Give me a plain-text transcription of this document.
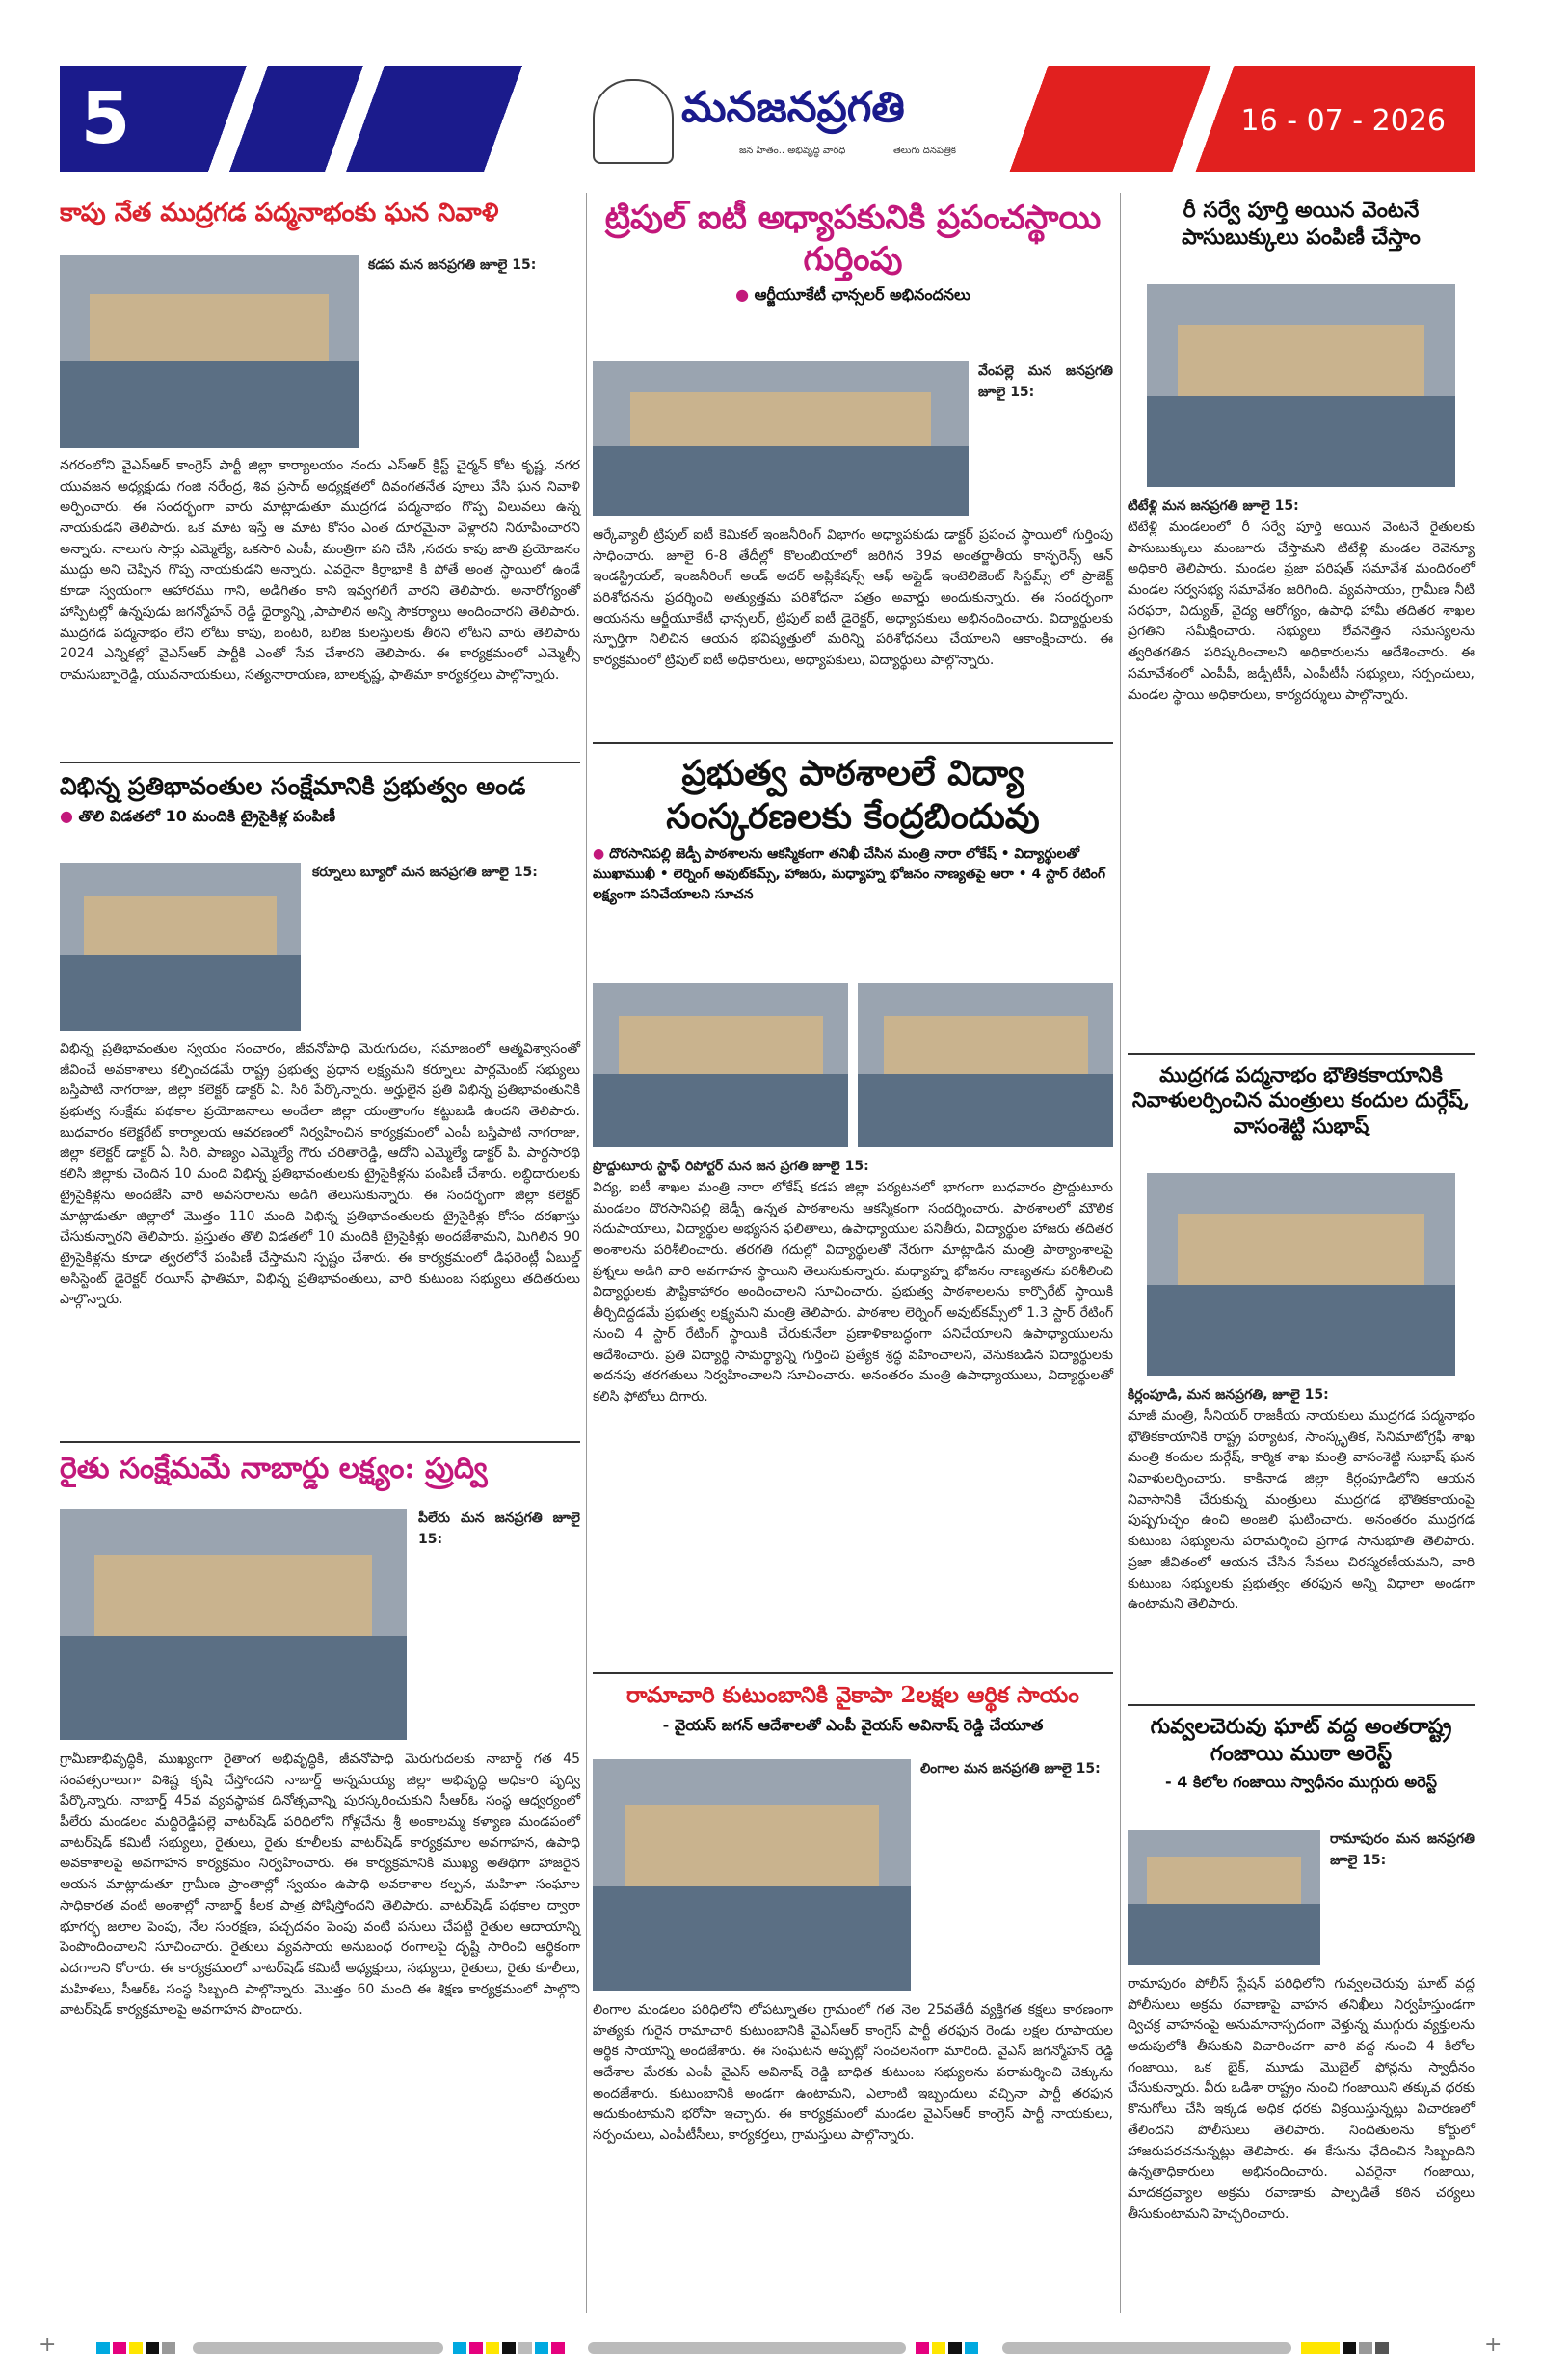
5	మనజనప్రగతి
జన హితం.. అభివృద్ధి వారధి	తెలుగు దినపత్రిక
16 - 07 - 2026
కాపు నేత ముద్రగడ పద్మనాభంకు ఘన నివాళి
కడప మన జనప్రగతి జూలై 15:
నగరంలోని వైఎస్ఆర్ కాంగ్రెస్ పార్టీ జిల్లా కార్యాలయం నందు ఎస్ఆర్ క్రిస్ట్ చైర్మన్ కోట కృష్ణ, నగర యువజన అధ్యక్షుడు గంజి నరేంద్ర, శివ ప్రసాద్ అధ్యక్షతలో దివంగతనేత పూలు వేసి ఘన నివాళి అర్పించారు. ఈ సందర్భంగా వారు మాట్లాడుతూ ముద్రగడ పద్మనాభం గొప్ప విలువలు ఉన్న నాయకుడని తెలిపారు. ఒక మాట ఇస్తే ఆ మాట కోసం ఎంత దూరమైనా వెళ్లారని నిరూపించారని అన్నారు. నాలుగు సార్లు ఎమ్మెల్యే, ఒకసారి ఎంపీ, మంత్రిగా పని చేసి ,సదరు కాపు జాతి ప్రయోజనం ముద్దు అని చెప్పిన గొప్ప నాయకుడని అన్నారు. ఎవరైనా కిర్రాభాకి కి పోతే అంత స్థాయిలో ఉండే కూడా స్వయంగా ఆహారము గాని, అడిగితం కాని ఇవ్వగలిగే వారని తెలిపారు. అనారోగ్యంతో హాస్పిటల్లో ఉన్నపుడు జగన్మోహన్ రెడ్డి ధైర్యాన్ని ,పాపాలిన అన్ని సౌకర్యాలు అందించారని తెలిపారు. ముద్రగడ పద్మనాభం లేని లోటు కాపు, బంటరి, బలిజ కులస్తులకు తీరని లోటని వారు తెలిపారు 2024 ఎన్నికల్లో వైఎస్ఆర్ పార్టీకి ఎంతో సేవ చేశారని తెలిపారు. ఈ కార్యక్రమంలో ఎమ్మెల్సీ రామసుబ్బారెడ్డి, యువనాయకులు, సత్యనారాయణ, బాలకృష్ణ, ఫాతిమా కార్యకర్తలు పాల్గొన్నారు.
విభిన్న ప్రతిభావంతుల సంక్షేమానికి ప్రభుత్వం అండ
● తొలి విడతలో 10 మందికి ట్రైసైకిళ్ల పంపిణీ
కర్నూలు బ్యూరో మన జనప్రగతి జూలై 15:
విభిన్న ప్రతిభావంతుల స్వయం సంచారం, జీవనోపాధి మెరుగుదల, సమాజంలో ఆత్మవిశ్వాసంతో జీవించే అవకాశాలు కల్పించడమే రాష్ట్ర ప్రభుత్వ ప్రధాన లక్ష్యమని కర్నూలు పార్లమెంట్ సభ్యులు బస్తిపాటి నాగరాజు, జిల్లా కలెక్టర్ డాక్టర్ ఏ. సిరి పేర్కొన్నారు. అర్హులైన ప్రతి విభిన్న ప్రతిభావంతునికి ప్రభుత్వ సంక్షేమ పథకాల ప్రయోజనాలు అందేలా జిల్లా యంత్రాంగం కట్టుబడి ఉందని తెలిపారు. బుధవారం కలెక్టరేట్ కార్యాలయ ఆవరణంలో నిర్వహించిన కార్యక్రమంలో ఎంపీ బస్తిపాటి నాగరాజు, జిల్లా కలెక్టర్ డాక్టర్ ఏ. సిరి, పాణ్యం ఎమ్మెల్యే గౌరు చరితారెడ్డి, ఆదోని ఎమ్మెల్యే డాక్టర్ పి. పార్థసారథి కలిసి జిల్లాకు చెందిన 10 మంది విభిన్న ప్రతిభావంతులకు ట్రైసైకిళ్లను పంపిణీ చేశారు. లబ్ధిదారులకు ట్రైసైకిళ్లను అందజేసి వారి అవసరాలను అడిగి తెలుసుకున్నారు. ఈ సందర్భంగా జిల్లా కలెక్టర్ మాట్లాడుతూ జిల్లాలో మొత్తం 110 మంది విభిన్న ప్రతిభావంతులకు ట్రైసైకిళ్లు కోసం దరఖాస్తు చేసుకున్నారని తెలిపారు. ప్రస్తుతం తొలి విడతలో 10 మందికి ట్రైసైకిళ్లు అందజేశామని, మిగిలిన 90 ట్రైసైకిళ్లను కూడా త్వరలోనే పంపిణీ చేస్తామని స్పష్టం చేశారు. ఈ కార్యక్రమంలో డిఫరెంట్లీ ఏబుల్డ్ అసిస్టెంట్ డైరెక్టర్ రయీస్ ఫాతిమా, విభిన్న ప్రతిభావంతులు, వారి కుటుంబ సభ్యులు తదితరులు పాల్గొన్నారు.
రైతు సంక్షేమమే నాబార్డు లక్ష్యం: ప్రుద్వి
పీలేరు మన జనప్రగతి జూలై 15:
గ్రామీణాభివృద్ధికి, ముఖ్యంగా రైతాంగ అభివృద్ధికి, జీవనోపాధి మెరుగుదలకు నాబార్డ్ గత 45 సంవత్సరాలుగా విశిష్ట కృషి చేస్తోందని నాబార్డ్ అన్నమయ్య జిల్లా అభివృద్ధి అధికారి పృద్వి పేర్కొన్నారు. నాబార్డ్ 45వ వ్యవస్థాపక దినోత్సవాన్ని పురస్కరించుకుని సీఆర్‌ఓ సంస్థ ఆధ్వర్యంలో పీలేరు మండలం మద్దిరెడ్డిపల్లె వాటర్‌షెడ్ పరిధిలోని గోళ్లచేను శ్రీ అంకాలమ్మ కళ్యాణ మండపంలో వాటర్‌షెడ్ కమిటీ సభ్యులు, రైతులు, రైతు కూలీలకు వాటర్‌షెడ్ కార్యక్రమాల అవగాహన, ఉపాధి అవకాశాలపై అవగాహన కార్యక్రమం నిర్వహించారు. ఈ కార్యక్రమానికి ముఖ్య అతిథిగా హాజరైన ఆయన మాట్లాడుతూ గ్రామీణ ప్రాంతాల్లో స్వయం ఉపాధి అవకాశాల కల్పన, మహిళా సంఘాల సాధికారత వంటి అంశాల్లో నాబార్డ్ కీలక పాత్ర పోషిస్తోందని తెలిపారు. వాటర్‌షెడ్ పథకాల ద్వారా భూగర్భ జలాల పెంపు, నేల సంరక్షణ, పచ్చదనం పెంపు వంటి పనులు చేపట్టి రైతుల ఆదాయాన్ని పెంపొందించాలని సూచించారు. రైతులు వ్యవసాయ అనుబంధ రంగాలపై దృష్టి సారించి ఆర్థికంగా ఎదగాలని కోరారు. ఈ కార్యక్రమంలో వాటర్‌షెడ్ కమిటీ అధ్యక్షులు, సభ్యులు, రైతులు, రైతు కూలీలు, మహిళలు, సీఆర్‌ఓ సంస్థ సిబ్బంది పాల్గొన్నారు. మొత్తం 60 మంది ఈ శిక్షణ కార్యక్రమంలో పాల్గొని వాటర్‌షెడ్ కార్యక్రమాలపై అవగాహన పొందారు.
ట్రిపుల్ ఐటీ అధ్యాపకునికి ప్రపంచస్థాయి గుర్తింపు
● ఆర్జీయూకేటీ ఛాన్సలర్ అభినందనలు
వేంపల్లె మన జనప్రగతి జూలై 15:
ఆర్కేవ్యాలీ ట్రిపుల్ ఐటీ కెమికల్ ఇంజనీరింగ్ విభాగం అధ్యాపకుడు డాక్టర్ ప్రపంచ స్థాయిలో గుర్తింపు సాధించారు. జూలై 6-8 తేదీల్లో కొలంబియాలో జరిగిన 39వ అంతర్జాతీయ కాన్ఫరెన్స్ ఆన్ ఇండస్ట్రియల్, ఇంజనీరింగ్ అండ్ అదర్ అప్లికేషన్స్ ఆఫ్ అప్లైడ్ ఇంటెలిజెంట్ సిస్టమ్స్ లో ప్రాజెక్ట్ పరిశోధనను ప్రదర్శించి అత్యుత్తమ పరిశోధనా పత్రం అవార్డు అందుకున్నారు. ఈ సందర్భంగా ఆయనను ఆర్జీయూకేటీ ఛాన్సలర్, ట్రిపుల్ ఐటీ డైరెక్టర్, అధ్యాపకులు అభినందించారు. విద్యార్థులకు స్ఫూర్తిగా నిలిచిన ఆయన భవిష్యత్తులో మరిన్ని పరిశోధనలు చేయాలని ఆకాంక్షించారు. ఈ కార్యక్రమంలో ట్రిపుల్ ఐటీ అధికారులు, అధ్యాపకులు, విద్యార్థులు పాల్గొన్నారు.
ప్రభుత్వ పాఠశాలలే విద్యా సంస్కరణలకు కేంద్రబిందువు
● దొరసానిపల్లి జెడ్పీ పాఠశాలను ఆకస్మికంగా తనిఖీ చేసిన మంత్రి నారా లోకేష్ • విద్యార్థులతో ముఖాముఖీ • లెర్నింగ్ అవుట్‌కమ్స్, హాజరు, మధ్యాహ్న భోజనం నాణ్యతపై ఆరా • 4 స్టార్ రేటింగ్ లక్ష్యంగా పనిచేయాలని సూచన
ప్రొద్దుటూరు స్టాఫ్ రిపోర్టర్ మన జన ప్రగతి జూలై 15:
విద్య, ఐటీ శాఖల మంత్రి నారా లోకేష్ కడప జిల్లా పర్యటనలో భాగంగా బుధవారం ప్రొద్దుటూరు మండలం దొరసానిపల్లి జెడ్పీ ఉన్నత పాఠశాలను ఆకస్మికంగా సందర్శించారు. పాఠశాలలో మౌలిక సదుపాయాలు, విద్యార్థుల అభ్యసన ఫలితాలు, ఉపాధ్యాయుల పనితీరు, విద్యార్థుల హాజరు తదితర అంశాలను పరిశీలించారు. తరగతి గదుల్లో విద్యార్థులతో నేరుగా మాట్లాడిన మంత్రి పాఠ్యాంశాలపై ప్రశ్నలు అడిగి వారి అవగాహన స్థాయిని తెలుసుకున్నారు. మధ్యాహ్న భోజనం నాణ్యతను పరిశీలించి విద్యార్థులకు పౌష్టికాహారం అందించాలని సూచించారు. ప్రభుత్వ పాఠశాలలను కార్పొరేట్ స్థాయికి తీర్చిదిద్దడమే ప్రభుత్వ లక్ష్యమని మంత్రి తెలిపారు. పాఠశాల లెర్నింగ్ అవుట్‌కమ్స్‌లో 1.3 స్టార్ రేటింగ్ నుంచి 4 స్టార్ రేటింగ్ స్థాయికి చేరుకునేలా ప్రణాళికాబద్ధంగా పనిచేయాలని ఉపాధ్యాయులను ఆదేశించారు. ప్రతి విద్యార్థి సామర్థ్యాన్ని గుర్తించి ప్రత్యేక శ్రద్ధ వహించాలని, వెనుకబడిన విద్యార్థులకు అదనపు తరగతులు నిర్వహించాలని సూచించారు. అనంతరం మంత్రి ఉపాధ్యాయులు, విద్యార్థులతో కలిసి ఫోటోలు దిగారు.
రామాచారి కుటుంబానికి వైకాపా 2లక్షల ఆర్థిక సాయం
- వైయస్ జగన్ ఆదేశాలతో ఎంపీ వైయస్ అవినాష్ రెడ్డి చేయూత
లింగాల మన జనప్రగతి జూలై 15:
లింగాల మండలం పరిధిలోని లోపట్నూతల గ్రామంలో గత నెల 25వతేదీ వ్యక్తిగత కక్షలు కారణంగా హత్యకు గురైన రామాచారి కుటుంబానికి వైఎస్ఆర్ కాంగ్రెస్ పార్టీ తరఫున రెండు లక్షల రూపాయల ఆర్థిక సాయాన్ని అందజేశారు. ఈ సంఘటన అప్పట్లో సంచలనంగా మారింది. వైఎస్ జగన్మోహన్ రెడ్డి ఆదేశాల మేరకు ఎంపీ వైఎస్ అవినాష్ రెడ్డి బాధిత కుటుంబ సభ్యులను పరామర్శించి చెక్కును అందజేశారు. కుటుంబానికి అండగా ఉంటామని, ఎలాంటి ఇబ్బందులు వచ్చినా పార్టీ తరఫున ఆదుకుంటామని భరోసా ఇచ్చారు. ఈ కార్యక్రమంలో మండల వైఎస్ఆర్ కాంగ్రెస్ పార్టీ నాయకులు, సర్పంచులు, ఎంపీటీసీలు, కార్యకర్తలు, గ్రామస్తులు పాల్గొన్నారు.
రీ సర్వే పూర్తి అయిన వెంటనే పాసుబుక్కులు పంపిణీ చేస్తాం
టిటేళ్లి మన జనప్రగతి జూలై 15:
టిటేళ్లి మండలంలో రీ సర్వే పూర్తి అయిన వెంటనే రైతులకు పాసుబుక్కులు మంజూరు చేస్తామని టిటేళ్లి మండల రెవెన్యూ అధికారి తెలిపారు. మండల ప్రజా పరిషత్ సమావేశ మందిరంలో మండల సర్వసభ్య సమావేశం జరిగింది. వ్యవసాయం, గ్రామీణ నీటి సరఫరా, విద్యుత్, వైద్య ఆరోగ్యం, ఉపాధి హామీ తదితర శాఖల ప్రగతిని సమీక్షించారు. సభ్యులు లేవనెత్తిన సమస్యలను త్వరితగతిన పరిష్కరించాలని అధికారులను ఆదేశించారు. ఈ సమావేశంలో ఎంపీపీ, జడ్పీటీసీ, ఎంపీటీసీ సభ్యులు, సర్పంచులు, మండల స్థాయి అధికారులు, కార్యదర్శులు పాల్గొన్నారు.
ముద్రగడ పద్మనాభం భౌతికకాయానికి నివాళులర్పించిన మంత్రులు కందుల దుర్గేష్, వాసంశెట్టి సుభాష్
కిర్లంపూడి, మన జనప్రగతి, జూలై 15:
మాజీ మంత్రి, సీనియర్ రాజకీయ నాయకులు ముద్రగడ పద్మనాభం భౌతికకాయానికి రాష్ట్ర పర్యాటక, సాంస్కృతిక, సినిమాటోగ్రఫీ శాఖ మంత్రి కందుల దుర్గేష్, కార్మిక శాఖ మంత్రి వాసంశెట్టి సుభాష్ ఘన నివాళులర్పించారు. కాకినాడ జిల్లా కిర్లంపూడిలోని ఆయన నివాసానికి చేరుకున్న మంత్రులు ముద్రగడ భౌతికకాయంపై పుష్పగుచ్ఛం ఉంచి అంజలి ఘటించారు. అనంతరం ముద్రగడ కుటుంబ సభ్యులను పరామర్శించి ప్రగాఢ సానుభూతి తెలిపారు. ప్రజా జీవితంలో ఆయన చేసిన సేవలు చిరస్మరణీయమని, వారి కుటుంబ సభ్యులకు ప్రభుత్వం తరఫున అన్ని విధాలా అండగా ఉంటామని తెలిపారు.
గువ్వలచెరువు ఘాట్ వద్ద అంతరాష్ట్ర గంజాయి ముఠా అరెస్ట్
- 4 కిలోల గంజాయి స్వాధీనం ముగ్గురు అరెస్ట్
రామాపురం మన జనప్రగతి జూలై 15:
రామాపురం పోలీస్ స్టేషన్ పరిధిలోని గువ్వలచెరువు ఘాట్ వద్ద పోలీసులు అక్రమ రవాణాపై వాహన తనిఖీలు నిర్వహిస్తుండగా ద్విచక్ర వాహనంపై అనుమానాస్పదంగా వెళ్తున్న ముగ్గురు వ్యక్తులను అదుపులోకి తీసుకుని విచారించగా వారి వద్ద నుంచి 4 కిలోల గంజాయి, ఒక బైక్, మూడు మొబైల్ ఫోన్లను స్వాధీనం చేసుకున్నారు. వీరు ఒడిశా రాష్ట్రం నుంచి గంజాయిని తక్కువ ధరకు కొనుగోలు చేసి ఇక్కడ అధిక ధరకు విక్రయిస్తున్నట్లు విచారణలో తేలిందని పోలీసులు తెలిపారు. నిందితులను కోర్టులో హాజరుపరచనున్నట్లు తెలిపారు. ఈ కేసును ఛేదించిన సిబ్బందిని ఉన్నతాధికారులు అభినందించారు. ఎవరైనా గంజాయి, మాదకద్రవ్యాల అక్రమ రవాణాకు పాల్పడితే కఠిన చర్యలు తీసుకుంటామని హెచ్చరించారు.
+	+
